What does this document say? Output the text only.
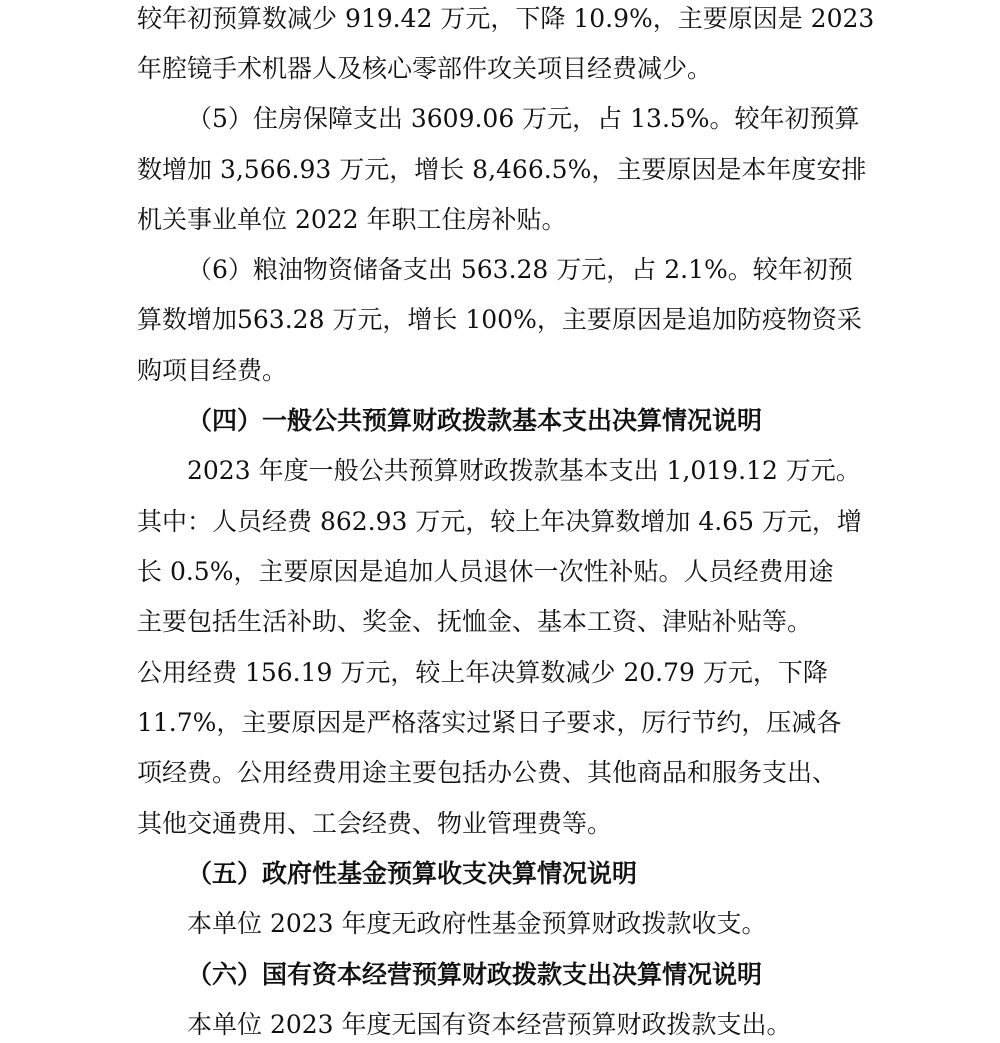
较年初预算数减少 919.42 万元，下降 10.9%，主要原因是 2023

年腔镜手术机器人及核心零部件攻关项目经费减少。

（5）住房保障支出 3609.06 万元，占 13.5%。较年初预算

数增加 3,566.93 万元，增长 8,466.5%，主要原因是本年度安排

机关事业单位 2022 年职工住房补贴。

（6）粮油物资储备支出 563.28 万元，占 2.1%。较年初预

算数增加563.28 万元，增长 100%，主要原因是追加防疫物资采

购项目经费。

（四）一般公共预算财政拨款基本支出决算情况说明

2023 年度一般公共预算财政拨款基本支出 1,019.12 万元。

其中：人员经费 862.93 万元，较上年决算数增加 4.65 万元，增

长 0.5%，主要原因是追加人员退休一次性补贴。人员经费用途

主要包括生活补助、奖金、抚恤金、基本工资、津贴补贴等。

公用经费 156.19 万元，较上年决算数减少 20.79 万元，下降

11.7%，主要原因是严格落实过紧日子要求，厉行节约，压减各

项经费。公用经费用途主要包括办公费、其他商品和服务支出、

其他交通费用、工会经费、物业管理费等。

（五）政府性基金预算收支决算情况说明

本单位 2023 年度无政府性基金预算财政拨款收支。

（六）国有资本经营预算财政拨款支出决算情况说明

本单位 2023 年度无国有资本经营预算财政拨款支出。
